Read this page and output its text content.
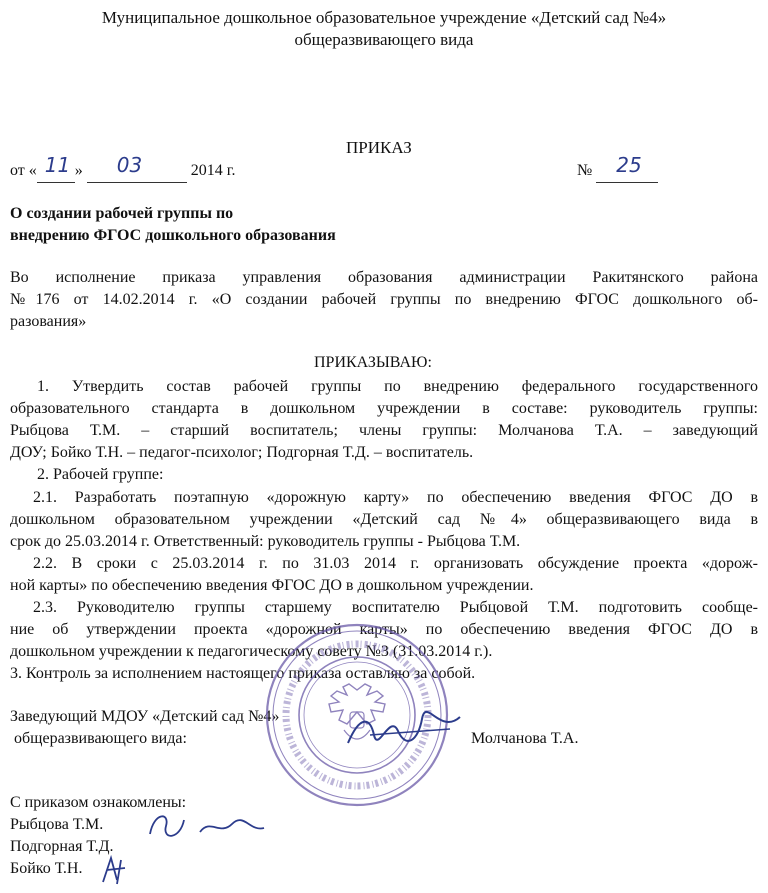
Муниципальное дошкольное образовательное учреждение «Детский сад №4»
общеразвивающего вида
ПРИКАЗ
от « 11 » 03	2014 г.	№ 25

О создании рабочей группы по
внедрению ФГОС дошкольного образования
Во исполнение приказа управления образования администрации Ракитянского района
№176 от 14.02.2014 г. «О создании рабочей группы по внедрению ФГОС дошкольного об-
разования»
ПРИКАЗЫВАЮ:
1. Утвердить состав рабочей группы по внедрению федерального государственного
образовательного стандарта в дошкольном учреждении в составе: руководитель группы:
Рыбцова Т.М. – старший воспитатель; члены группы: Молчанова Т.А. – заведующий
ДОУ; Бойко Т.Н. – педагог-психолог; Подгорная Т.Д. – воспитатель.
2. Рабочей группе:
2.1. Разработать поэтапную «дорожную карту» по обеспечению введения ФГОС ДО в
дошкольном образовательном учреждении «Детский сад №4» общеразвивающего вида в
срок до 25.03.2014 г. Ответственный: руководитель группы - Рыбцова Т.М.
2.2. В сроки с 25.03.2014 г. по 31.03 2014 г. организовать обсуждение проекта «дорож-
ной карты» по обеспечению введения ФГОС ДО в дошкольном учреждении.
2.3. Руководителю группы старшему воспитателю Рыбцовой Т.М. подготовить сообще-
ние об утверждении проекта «дорожной карты» по обеспечению введения ФГОС ДО в
дошкольном учреждении к педагогическому совету №3 (31.03.2014 г.).
3. Контроль за исполнением настоящего приказа оставляю за собой.
Заведующий МДОУ «Детский сад №4»
общеразвивающего вида:	Молчанова Т.А.
С приказом ознакомлены:
Рыбцова Т.М.
Подгорная Т.Д.
Бойко Т.Н.
